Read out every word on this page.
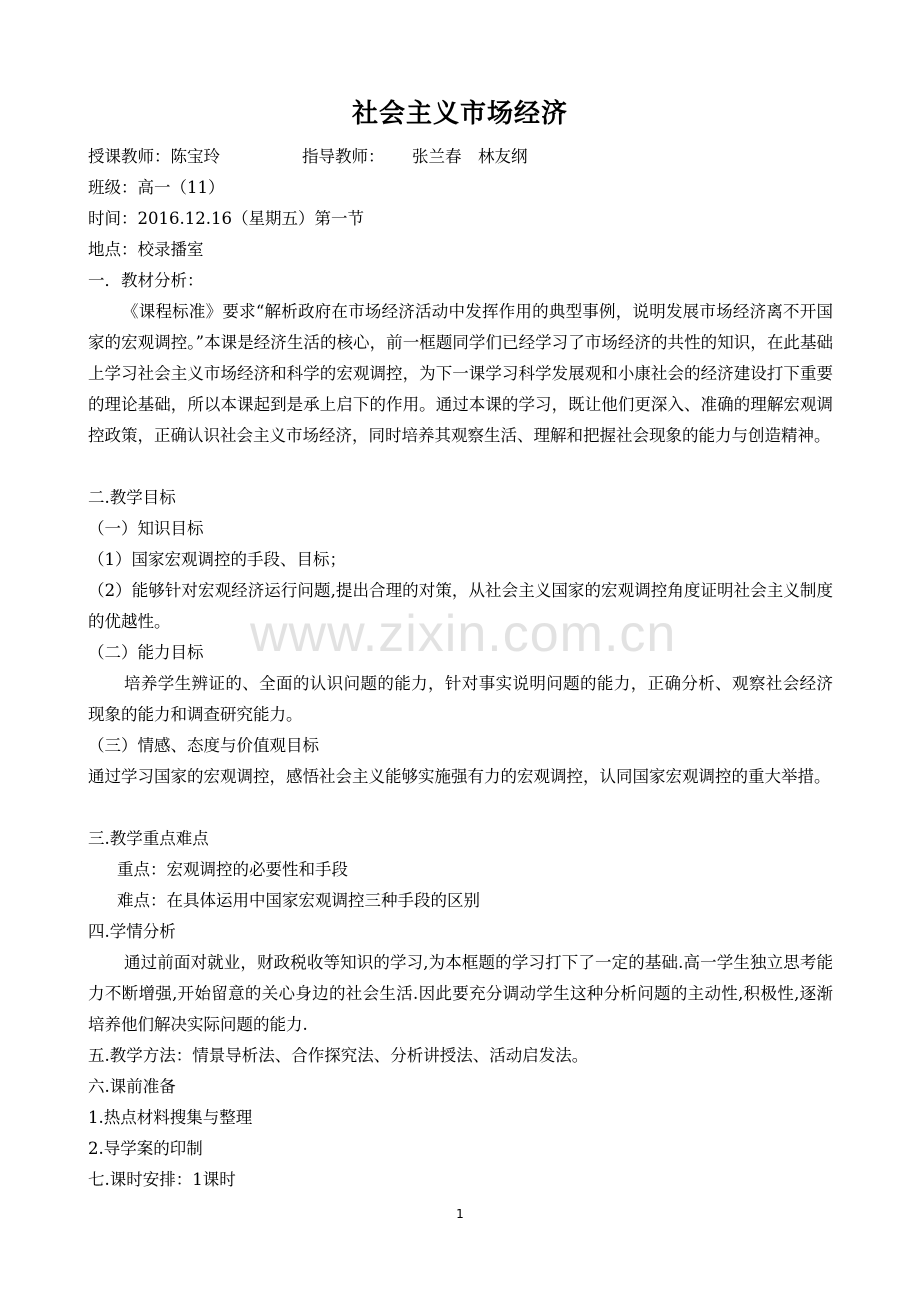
社会主义市场经济
授课教师：陈宝玲	指导教师： 张兰春　林友纲
班级：高一（11）
时间：2016.12.16（星期五）第一节
地点：校录播室
一．教材分析：
《课程标准》要求“解析政府在市场经济活动中发挥作用的典型事例，说明发展市场经济离不开国家的宏观调控。”本课是经济生活的核心，前一框题同学们已经学习了市场经济的共性的知识，在此基础上学习社会主义市场经济和科学的宏观调控，为下一课学习科学发展观和小康社会的经济建设打下重要的理论基础，所以本课起到是承上启下的作用。通过本课的学习，既让他们更深入、准确的理解宏观调控政策，正确认识社会主义市场经济，同时培养其观察生活、理解和把握社会现象的能力与创造精神。
二.教学目标
（一）知识目标
（1）国家宏观调控的手段、目标；
（2）能够针对宏观经济运行问题,提出合理的对策，从社会主义国家的宏观调控角度证明社会主义制度的优越性。
（二）能力目标
培养学生辨证的、全面的认识问题的能力，针对事实说明问题的能力，正确分析、观察社会经济现象的能力和调查研究能力。
（三）情感、态度与价值观目标
通过学习国家的宏观调控，感悟社会主义能够实施强有力的宏观调控，认同国家宏观调控的重大举措。
三.教学重点难点
重点：宏观调控的必要性和手段
难点：在具体运用中国家宏观调控三种手段的区别
四.学情分析
通过前面对就业，财政税收等知识的学习,为本框题的学习打下了一定的基础.高一学生独立思考能力不断增强,开始留意的关心身边的社会生活.因此要充分调动学生这种分析问题的主动性,积极性,逐渐培养他们解决实际问题的能力.
五.教学方法：情景导析法、合作探究法、分析讲授法、活动启发法。
六.课前准备
1.热点材料搜集与整理
2.导学案的印制
七.课时安排：1课时
www.zixin.com.cn
1
